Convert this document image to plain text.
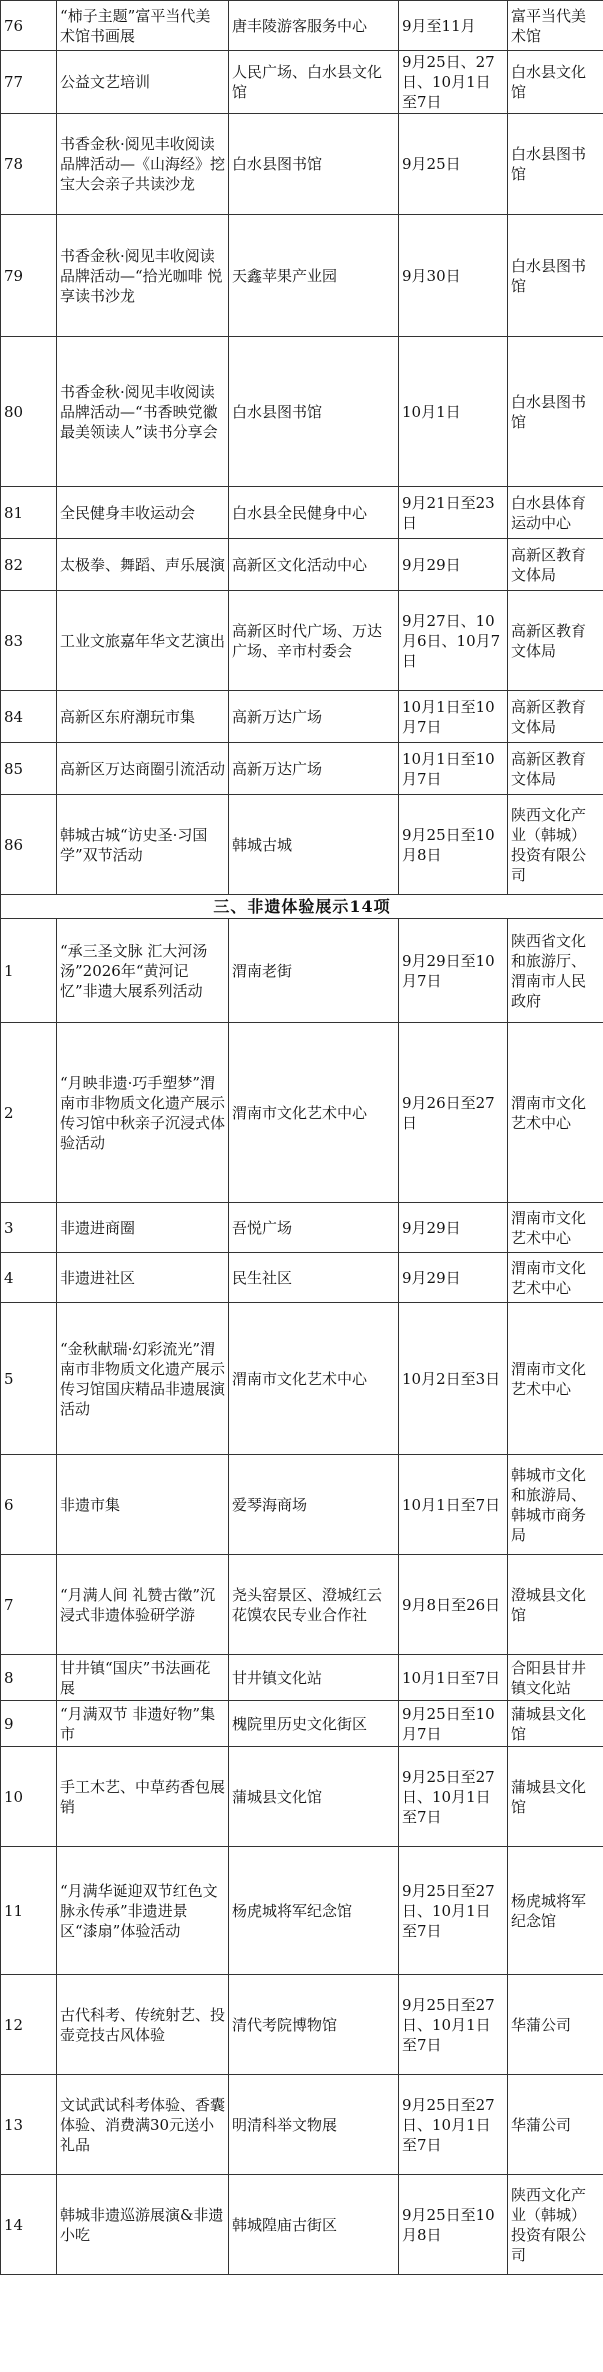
76	“柿子主题”富平当代美术馆书画展	唐丰陵游客服务中心	9月至11月	富平当代美术馆
77	公益文艺培训	人民广场、白水县文化馆	9月25日、27日、10月1日至7日	白水县文化馆
78	书香金秋·阅见丰收阅读品牌活动—《山海经》挖宝大会亲子共读沙龙	白水县图书馆	9月25日	白水县图书馆
79	书香金秋·阅见丰收阅读品牌活动—“拾光咖啡 悦享读书沙龙	天鑫苹果产业园	9月30日	白水县图书馆
80	书香金秋·阅见丰收阅读品牌活动—“书香映党徽 最美领读人”读书分享会	白水县图书馆	10月1日	白水县图书馆
81	全民健身丰收运动会	白水县全民健身中心	9月21日至23日	白水县体育运动中心
82	太极拳、舞蹈、声乐展演	高新区文化活动中心	9月29日	高新区教育文体局
83	工业文旅嘉年华文艺演出	高新区时代广场、万达广场、辛市村委会	9月27日、10月6日、10月7日	高新区教育文体局
84	高新区东府潮玩市集	高新万达广场	10月1日至10月7日	高新区教育文体局
85	高新区万达商圈引流活动	高新万达广场	10月1日至10月7日	高新区教育文体局
86	韩城古城“访史圣·习国学”双节活动	韩城古城	9月25日至10月8日	陕西文化产业（韩城）投资有限公司
三、非遗体验展示14项				
1	“承三圣文脉 汇大河汤汤”2026年“黄河记忆”非遗大展系列活动	渭南老街	9月29日至10月7日	陕西省文化和旅游厅、渭南市人民政府
2	“月映非遗·巧手塑梦”渭南市非物质文化遗产展示传习馆中秋亲子沉浸式体验活动	渭南市文化艺术中心	9月26日至27日	渭南市文化艺术中心
3	非遗进商圈	吾悦广场	9月29日	渭南市文化艺术中心
4	非遗进社区	民生社区	9月29日	渭南市文化艺术中心
5	“金秋献瑞·幻彩流光”渭南市非物质文化遗产展示传习馆国庆精品非遗展演活动	渭南市文化艺术中心	10月2日至3日	渭南市文化艺术中心
6	非遗市集	爱琴海商场	10月1日至7日	韩城市文化和旅游局、韩城市商务局
7	“月满人间 礼赞古徵”沉浸式非遗体验研学游	尧头窑景区、澄城红云花馍农民专业合作社	9月8日至26日	澄城县文化馆
8	甘井镇“国庆”书法画花展	甘井镇文化站	10月1日至7日	合阳县甘井镇文化站
9	“月满双节 非遗好物”集市	槐院里历史文化街区	9月25日至10月7日	蒲城县文化馆
10	手工木艺、中草药香包展销	蒲城县文化馆	9月25日至27日、10月1日至7日	蒲城县文化馆
11	“月满华诞迎双节红色文脉永传承”非遗进景区“漆扇”体验活动	杨虎城将军纪念馆	9月25日至27日、10月1日至7日	杨虎城将军纪念馆
12	古代科考、传统射艺、投壶竞技古风体验	清代考院博物馆	9月25日至27日、10月1日至7日	华蒲公司
13	文试武试科考体验、香囊体验、消费满30元送小礼品	明清科举文物展	9月25日至27日、10月1日至7日	华蒲公司
14	韩城非遗巡游展演&非遗小吃	韩城隍庙古街区	9月25日至10月8日	陕西文化产业（韩城）投资有限公司
